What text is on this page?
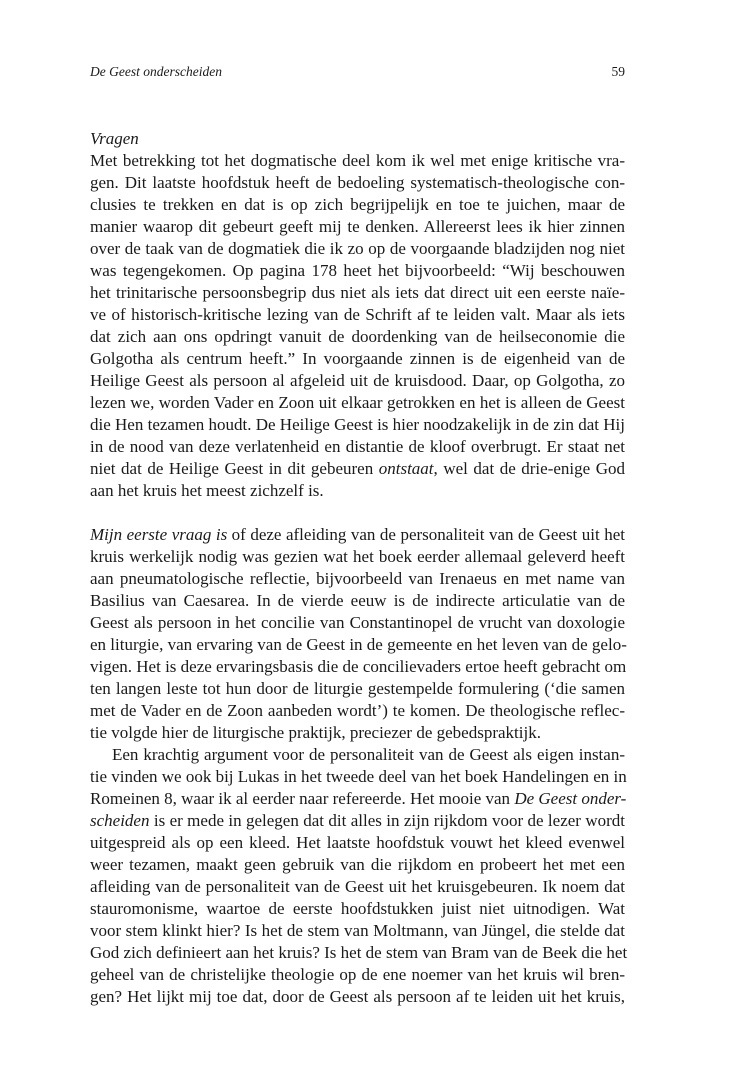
De Geest onderscheiden	59

Vragen

Met betrekking tot het dogmatische deel kom ik wel met enige kritische vra-
gen. Dit laatste hoofdstuk heeft de bedoeling systematisch-theologische con-
clusies te trekken en dat is op zich begrijpelijk en toe te juichen, maar de
manier waarop dit gebeurt geeft mij te denken. Allereerst lees ik hier zinnen
over de taak van de dogmatiek die ik zo op de voorgaande bladzijden nog niet
was tegengekomen. Op pagina 178 heet het bijvoorbeeld: “Wij beschouwen
het trinitarische persoonsbegrip dus niet als iets dat direct uit een eerste naïe-
ve of historisch-kritische lezing van de Schrift af te leiden valt. Maar als iets
dat zich aan ons opdringt vanuit de doordenking van de heilseconomie die
Golgotha als centrum heeft.” In voorgaande zinnen is de eigenheid van de
Heilige Geest als persoon al afgeleid uit de kruisdood. Daar, op Golgotha, zo
lezen we, worden Vader en Zoon uit elkaar getrokken en het is alleen de Geest
die Hen tezamen houdt. De Heilige Geest is hier noodzakelijk in de zin dat Hij
in de nood van deze verlatenheid en distantie de kloof overbrugt. Er staat net
niet dat de Heilige Geest in dit gebeuren ontstaat, wel dat de drie-enige God
aan het kruis het meest zichzelf is.
Mijn eerste vraag is of deze afleiding van de personaliteit van de Geest uit het
kruis werkelijk nodig was gezien wat het boek eerder allemaal geleverd heeft
aan pneumatologische reflectie, bijvoorbeeld van Irenaeus en met name van
Basilius van Caesarea. In de vierde eeuw is de indirecte articulatie van de
Geest als persoon in het concilie van Constantinopel de vrucht van doxologie
en liturgie, van ervaring van de Geest in de gemeente en het leven van de gelo-
vigen. Het is deze ervaringsbasis die de concilievaders ertoe heeft gebracht om
ten langen leste tot hun door de liturgie gestempelde formulering (‘die samen
met de Vader en de Zoon aanbeden wordt’) te komen. De theologische reflec-
tie volgde hier de liturgische praktijk, preciezer de gebedspraktijk.
Een krachtig argument voor de personaliteit van de Geest als eigen instan-
tie vinden we ook bij Lukas in het tweede deel van het boek Handelingen en in
Romeinen 8, waar ik al eerder naar refereerde. Het mooie van De Geest onder-
scheiden is er mede in gelegen dat dit alles in zijn rijkdom voor de lezer wordt
uitgespreid als op een kleed. Het laatste hoofdstuk vouwt het kleed evenwel
weer tezamen, maakt geen gebruik van die rijkdom en probeert het met een
afleiding van de personaliteit van de Geest uit het kruisgebeuren. Ik noem dat
stauromonisme, waartoe de eerste hoofdstukken juist niet uitnodigen. Wat
voor stem klinkt hier? Is het de stem van Moltmann, van Jüngel, die stelde dat
God zich definieert aan het kruis? Is het de stem van Bram van de Beek die het
geheel van de christelijke theologie op de ene noemer van het kruis wil bren-
gen? Het lijkt mij toe dat, door de Geest als persoon af te leiden uit het kruis,
